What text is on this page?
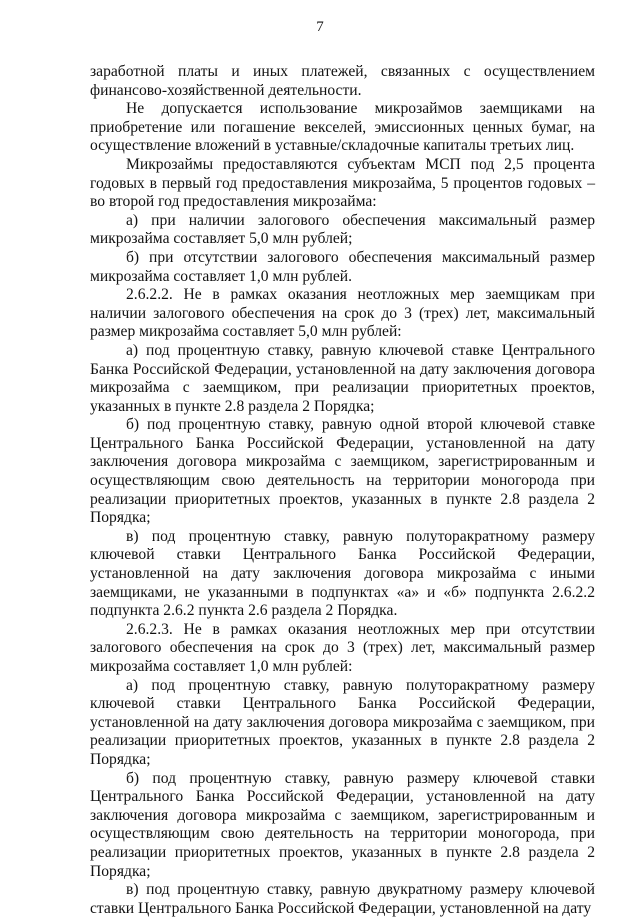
7

заработной платы и иных платежей, связанных с осуществлением финансово-хозяйственной деятельности.

Не допускается использование микрозаймов заемщиками на приобретение или погашение векселей, эмиссионных ценных бумаг, на осуществление вложений в уставные/складочные капиталы третьих лиц.

Микрозаймы предоставляются субъектам МСП под 2,5 процента годовых в первый год предоставления микрозайма, 5 процентов годовых – во второй год предоставления микрозайма:

а) при наличии залогового обеспечения максимальный размер микрозайма составляет 5,0 млн рублей;

б) при отсутствии залогового обеспечения максимальный размер микрозайма составляет 1,0 млн рублей.

2.6.2.2. Не в рамках оказания неотложных мер заемщикам при наличии залогового обеспечения на срок до 3 (трех) лет, максимальный размер микрозайма составляет 5,0 млн рублей:

а) под процентную ставку, равную ключевой ставке Центрального Банка Российской Федерации, установленной на дату заключения договора микрозайма с заемщиком, при реализации приоритетных проектов, указанных в пункте 2.8 раздела 2 Порядка;

б) под процентную ставку, равную одной второй ключевой ставке Центрального Банка Российской Федерации, установленной на дату заключения договора микрозайма с заемщиком, зарегистрированным и осуществляющим свою деятельность на территории моногорода при реализации приоритетных проектов, указанных в пункте 2.8 раздела 2 Порядка;

в) под процентную ставку, равную полуторакратному размеру ключевой ставки Центрального Банка Российской Федерации, установленной на дату заключения договора микрозайма с иными заемщиками, не указанными в подпунктах «а» и «б» подпункта 2.6.2.2 подпункта 2.6.2 пункта 2.6 раздела 2 Порядка.

2.6.2.3. Не в рамках оказания неотложных мер при отсутствии залогового обеспечения на срок до 3 (трех) лет, максимальный размер микрозайма составляет 1,0 млн рублей:

а) под процентную ставку, равную полуторакратному размеру ключевой ставки Центрального Банка Российской Федерации, установленной на дату заключения договора микрозайма с заемщиком, при реализации приоритетных проектов, указанных в пункте 2.8 раздела 2 Порядка;

б) под процентную ставку, равную размеру ключевой ставки Центрального Банка Российской Федерации, установленной на дату заключения договора микрозайма с заемщиком, зарегистрированным и осуществляющим свою деятельность на территории моногорода, при реализации приоритетных проектов, указанных в пункте 2.8 раздела 2 Порядка;

в) под процентную ставку, равную двукратному размеру ключевой ставки Центрального Банка Российской Федерации, установленной на дату
